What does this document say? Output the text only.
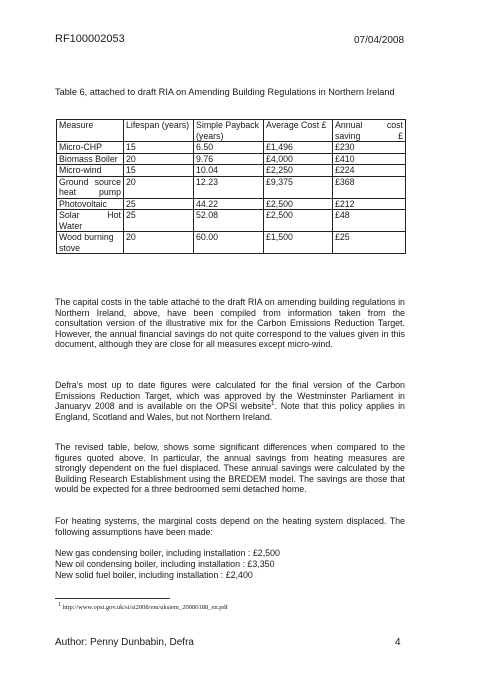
RF100002053	07/04/2008
Table 6, attached to draft RIA on Amending Building Regulations in Northern Ireland
Measure	Lifespan (years)	Simple Payback (years)	Average Cost £	Annual cost saving £
Micro-CHP	15	6.50	£1,496	£230
Biomass Boiler	20	9.76	£4,000	£410
Micro-wind	15	10.04	£2,250	£224
Ground source heat pump	20	12.23	£9,375	£368
Photovoltaic	25	44.22	£2,500	£212
Solar Hot Water	25	52.08	£2,500	£48
Wood burning stove	20	60.00	£1,500	£25

The capital costs in the table attaché to the draft RIA on amending building regulations in Northern Ireland, above, have been compiled from information taken from the consultation version of the illustrative mix for the Carbon Emissions Reduction Target. However, the annual financial savings do not quite correspond to the values given in this document, although they are close for all measures except micro-wind.

Defra's most up to date figures were calculated for the final version of the Carbon Emissions Reduction Target, which was approved by the Westminster Parliament in Januaryv 2008 and is available on the OPSI website$^1$. Note that this policy applies in England, Scotland and Wales, but not Northern Ireland.

The revised table, below, shows some significant differences when compared to the figures quoted above. In particular, the annual savings from heating measures are strongly dependent on the fuel displaced. These annual savings were calculated by the Building Research Establishment using the BREDEM model. The savings are those that would be expected for a three bedroomed semi detached home.

For heating systems, the marginal costs depend on the heating system displaced. The following assumptions have been made:

New gas condensing boiler, including installation : £2,500
New oil condensing boiler, including installation : £3,350
New solid fuel boiler, including installation : £2,400
$^1$ http://www.opsi.gov.uk/si/si2008/em/uksiem_20080188_en.pdf
Author: Penny Dunbabin, Defra	4
